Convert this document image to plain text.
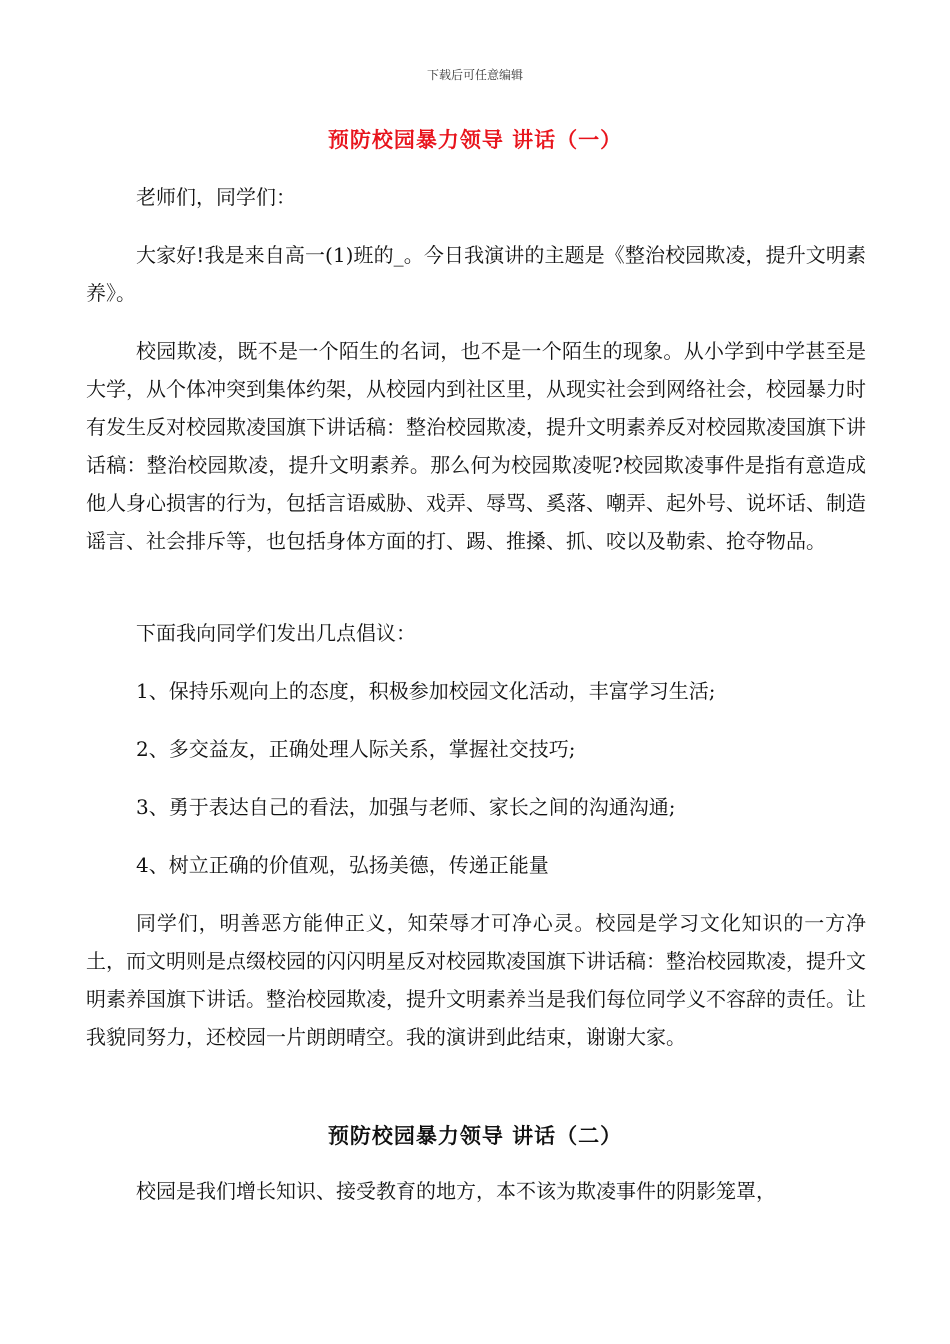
下载后可任意编辑
预防校园暴力领导 讲话（一）
老师们，同学们：
大家好!我是来自高一(1)班的_。今日我演讲的主题是《整治校园欺凌，提升文明素养》。
校园欺凌，既不是一个陌生的名词，也不是一个陌生的现象。从小学到中学甚至是大学，从个体冲突到集体约架，从校园内到社区里，从现实社会到网络社会，校园暴力时有发生反对校园欺凌国旗下讲话稿：整治校园欺凌，提升文明素养反对校园欺凌国旗下讲话稿：整治校园欺凌，提升文明素养。那么何为校园欺凌呢?校园欺凌事件是指有意造成他人身心损害的行为，包括言语威胁、戏弄、辱骂、奚落、嘲弄、起外号、说坏话、制造谣言、社会排斥等，也包括身体方面的打、踢、推搡、抓、咬以及勒索、抢夺物品。
下面我向同学们发出几点倡议：
1、保持乐观向上的态度，积极参加校园文化活动，丰富学习生活;
2、多交益友，正确处理人际关系，掌握社交技巧;
3、勇于表达自己的看法，加强与老师、家长之间的沟通沟通;
4、树立正确的价值观，弘扬美德，传递正能量
同学们，明善恶方能伸正义，知荣辱才可净心灵。校园是学习文化知识的一方净土，而文明则是点缀校园的闪闪明星反对校园欺凌国旗下讲话稿：整治校园欺凌，提升文明素养国旗下讲话。整治校园欺凌，提升文明素养当是我们每位同学义不容辞的责任。让我貌同努力，还校园一片朗朗晴空。我的演讲到此结束，谢谢大家。
预防校园暴力领导 讲话（二）
校园是我们增长知识、接受教育的地方，本不该为欺凌事件的阴影笼罩，
